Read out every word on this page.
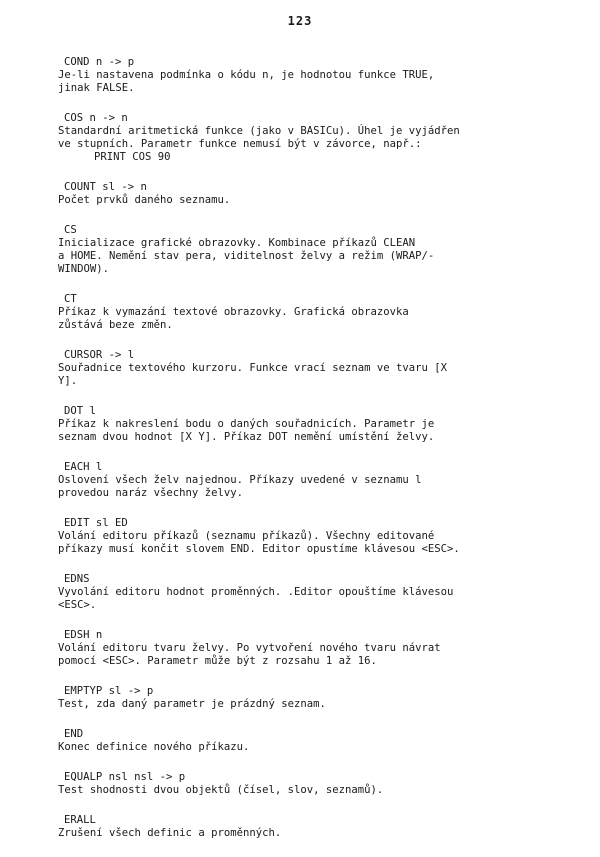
123
COND n -> p
Je-li nastavena podmínka o kódu n, je hodnotou funkce TRUE,
jinak FALSE.
COS n -> n
Standardní aritmetická funkce (jako v BASICu). Úhel je vyjádřen
ve stupních. Parametr funkce nemusí být v závorce, např.:
PRINT COS 90
COUNT sl -> n
Počet prvků daného seznamu.
CS
Inicializace grafické obrazovky. Kombinace příkazů CLEAN
a HOME. Nemění stav pera, viditelnost želvy a režim (WRAP/-
WINDOW).
CT
Příkaz k vymazání textové obrazovky. Grafická obrazovka
zůstává beze změn.
CURSOR -> l
Souřadnice textového kurzoru. Funkce vrací seznam ve tvaru [X
Y].
DOT l
Příkaz k nakreslení bodu o daných souřadnicích. Parametr je
seznam dvou hodnot [X Y]. Příkaz DOT nemění umístění želvy.
EACH l
Oslovení všech želv najednou. Příkazy uvedené v seznamu l
provedou naráz všechny želvy.
EDIT sl ED
Volání editoru příkazů (seznamu příkazů). Všechny editované
příkazy musí končit slovem END. Editor opustíme klávesou <ESC>.
EDNS
Vyvolání editoru hodnot proměnných. .Editor opouštíme klávesou
<ESC>.
EDSH n
Volání editoru tvaru želvy. Po vytvoření nového tvaru návrat
pomocí <ESC>. Parametr může být z rozsahu 1 až 16.
EMPTYP sl -> p
Test, zda daný parametr je prázdný seznam.
END
Konec definice nového příkazu.
EQUALP nsl nsl -> p
Test shodnosti dvou objektů (čísel, slov, seznamů).
ERALL
Zrušení všech definic a proměnných.
